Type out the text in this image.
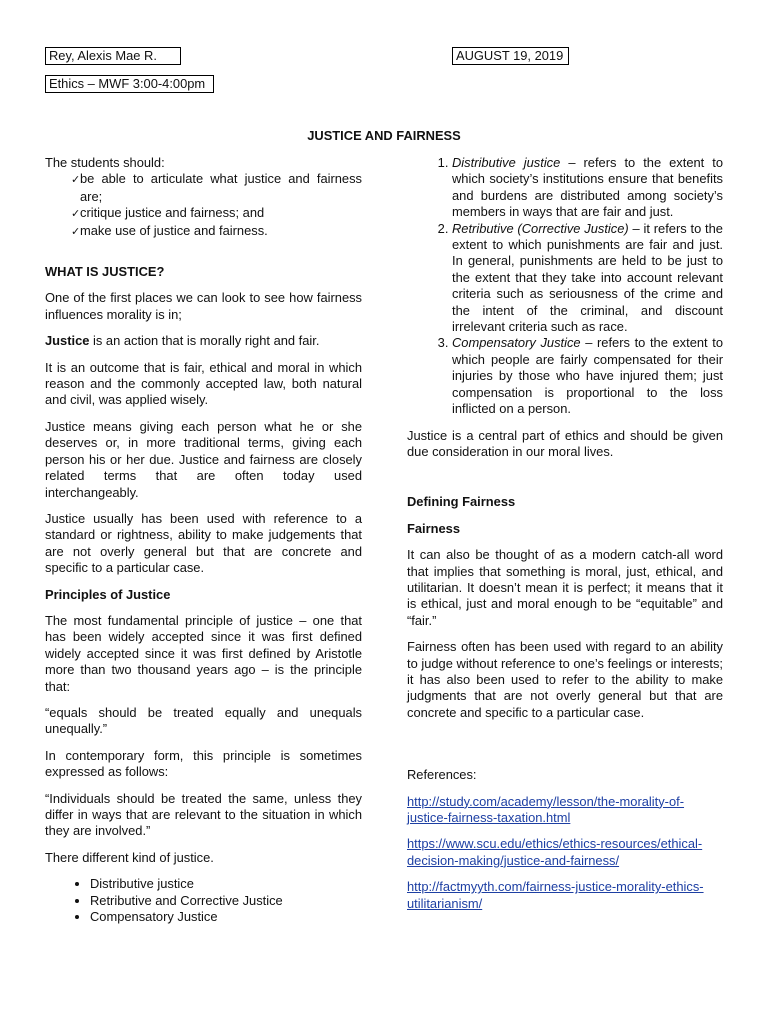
Rey, Alexis Mae R.	AUGUST 19, 2019
Ethics – MWF 3:00-4:00pm
JUSTICE AND FAIRNESS
The students should:
✓be able to articulate what justice and fairness are;
✓critique justice and fairness; and
✓make use of justice and fairness.
WHAT IS JUSTICE?

One of the first places we can look to see how fairness influences morality is in;

Justice is an action that is morally right and fair.

It is an outcome that is fair, ethical and moral in which reason and the commonly accepted law, both natural and civil, was applied wisely.

Justice means giving each person what he or she deserves or, in more traditional terms, giving each person his or her due. Justice and fairness are closely related terms that are often today used interchangeably.

Justice usually has been used with reference to a standard or rightness, ability to make judgements that are not overly general but that are concrete and specific to a particular case.

Principles of Justice

The most fundamental principle of justice – one that has been widely accepted since it was first defined widely accepted since it was first defined by Aristotle more than two thousand years ago – is the principle that:

“equals should be treated equally and unequals unequally.”

In contemporary form, this principle is sometimes expressed as follows:

“Individuals should be treated the same, unless they differ in ways that are relevant to the situation in which they are involved.”

There different kind of justice.

• Distributive justice
• Retributive and Corrective Justice
• Compensatory Justice
1. Distributive justice – refers to the extent to which society’s institutions ensure that benefits and burdens are distributed among society’s members in ways that are fair and just.
2. Retributive (Corrective Justice) – it refers to the extent to which punishments are fair and just. In general, punishments are held to be just to the extent that they take into account relevant criteria such as seriousness of the crime and the intent of the criminal, and discount irrelevant criteria such as race.
3. Compensatory Justice – refers to the extent to which people are fairly compensated for their injuries by those who have injured them; just compensation is proportional to the loss inflicted on a person.

Justice is a central part of ethics and should be given due consideration in our moral lives.

Defining Fairness
Fairness

It can also be thought of as a modern catch-all word that implies that something is moral, just, ethical, and utilitarian. It doesn’t mean it is perfect; it means that it is ethical, just and moral enough to be “equitable” and “fair.”

Fairness often has been used with regard to an ability to judge without reference to one’s feelings or interests; it has also been used to refer to the ability to make judgments that are not overly general but that are concrete and specific to a particular case.

References:

http://study.com/academy/lesson/the-morality-of-justice-fairness-taxation.html
https://www.scu.edu/ethics/ethics-resources/ethical-decision-making/justice-and-fairness/
http://factmyyth.com/fairness-justice-morality-ethics-utilitarianism/
